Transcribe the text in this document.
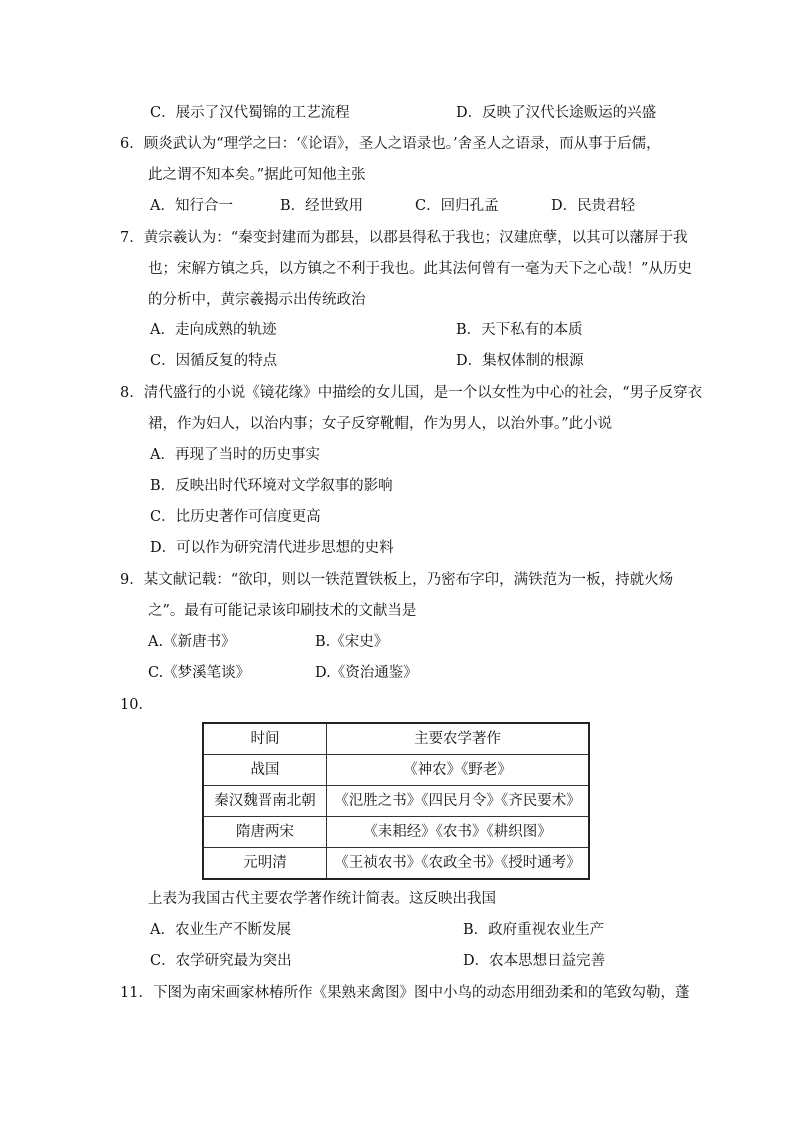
C．展示了汉代蜀锦的工艺流程	D．反映了汉代长途贩运的兴盛
6．顾炎武认为“理学之曰：‘《论语》，圣人之语录也。’舍圣人之语录，而从事于后儒，
此之谓不知本矣。”据此可知他主张
A．知行合一	B．经世致用	C．回归孔孟	D．民贵君轻
7．黄宗羲认为：“秦变封建而为郡县，以郡县得私于我也；汉建庶孽，以其可以藩屏于我
也；宋解方镇之兵，以方镇之不利于我也。此其法何曾有一毫为天下之心哉！”从历史
的分析中，黄宗羲揭示出传统政治
A．走向成熟的轨迹	B．天下私有的本质
C．因循反复的特点	D．集权体制的根源
8．清代盛行的小说《镜花缘》中描绘的女儿国，是一个以女性为中心的社会，“男子反穿衣
裙，作为妇人，以治内事；女子反穿靴帽，作为男人，以治外事。”此小说
A．再现了当时的历史事实
B．反映出时代环境对文学叙事的影响
C．比历史著作可信度更高
D．可以作为研究清代进步思想的史料
9．某文献记载：“欲印，则以一铁范置铁板上，乃密布字印，满铁范为一板，持就火炀
之”。最有可能记录该印刷技术的文献当是
A.《新唐书》	B.《宋史》
C.《梦溪笔谈》	D.《资治通鉴》
10．
时间	主要农学著作
战国	《神农》《野老》
秦汉魏晋南北朝	《氾胜之书》《四民月令》《齐民要术》
隋唐两宋	《耒耜经》《农书》《耕织图》
元明清	《王祯农书》《农政全书》《授时通考》
上表为我国古代主要农学著作统计简表。这反映出我国
A．农业生产不断发展	B．政府重视农业生产
C．农学研究最为突出	D．农本思想日益完善
11．下图为南宋画家林椿所作《果熟来禽图》图中小鸟的动态用细劲柔和的笔致勾勒，蓬
